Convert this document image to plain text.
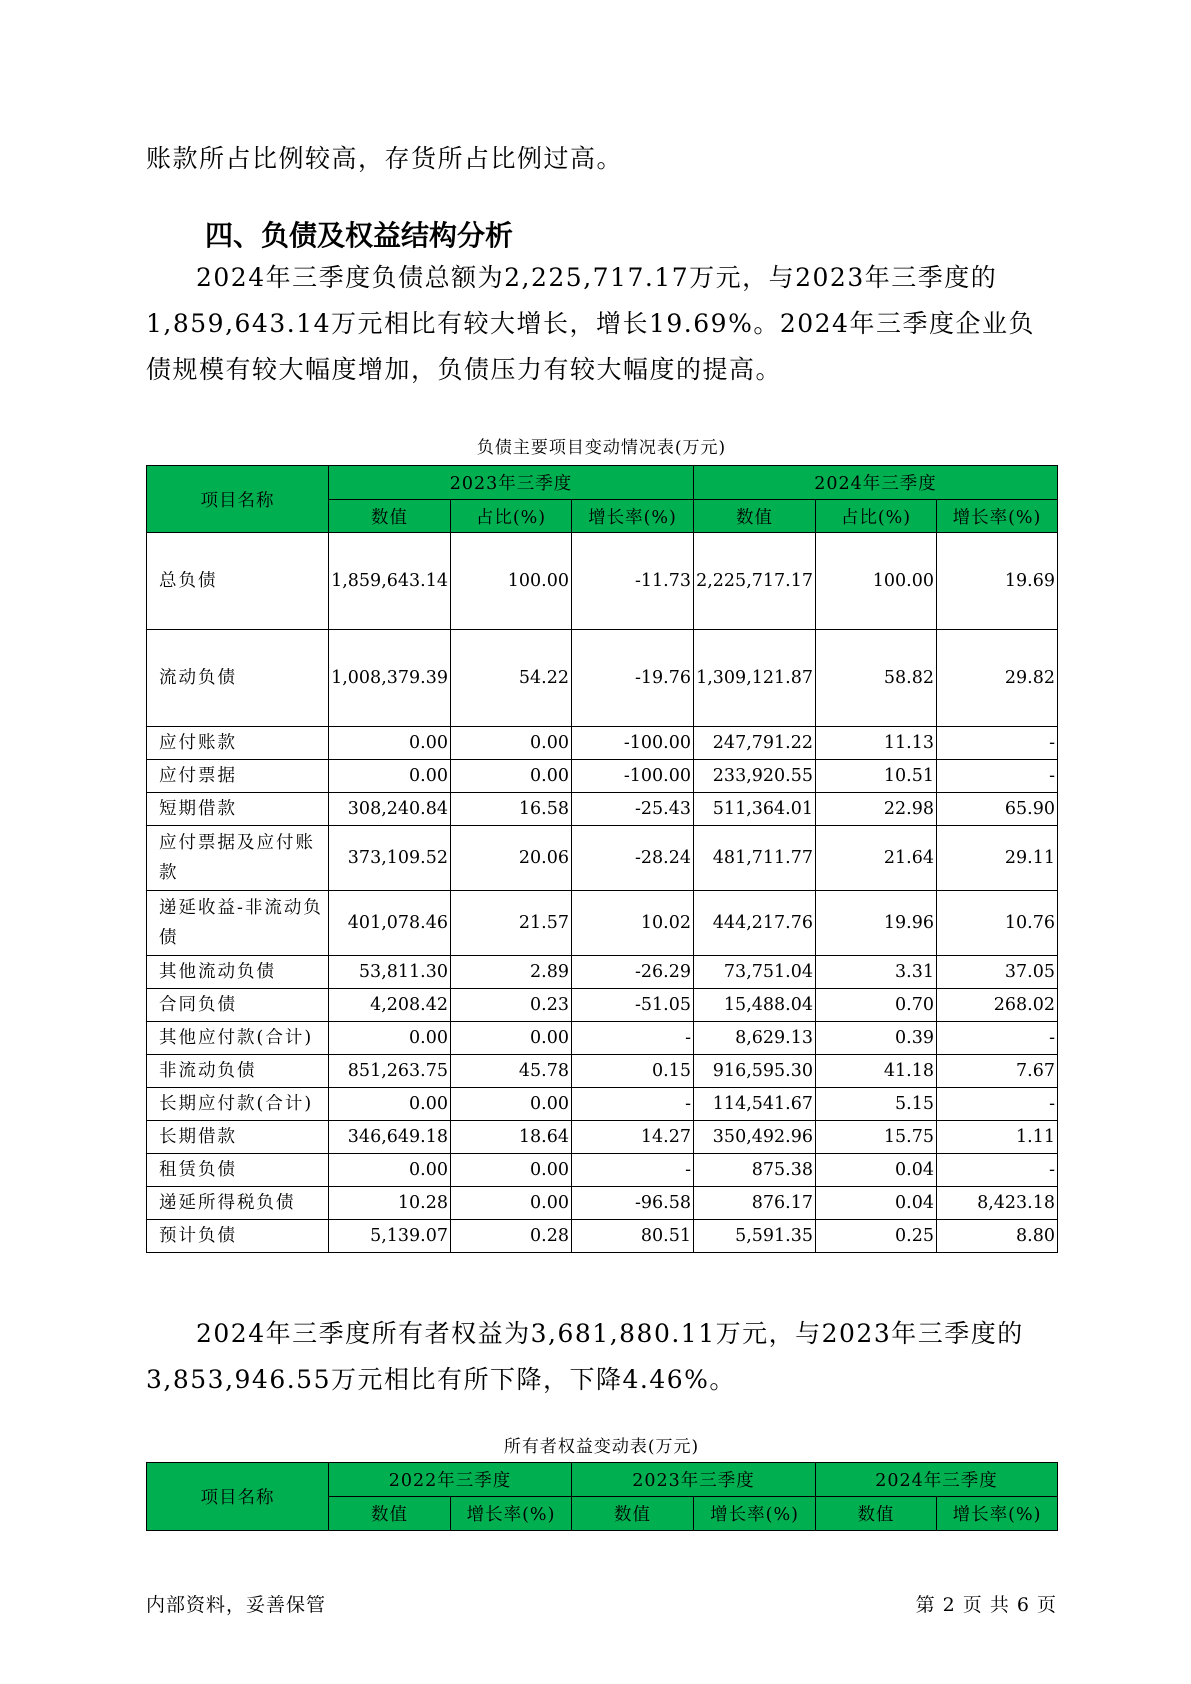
账款所占比例较高，存货所占比例过高。

四、负债及权益结构分析

2024年三季度负债总额为2,225,717.17万元，与2023年三季度的1,859,643.14万元相比有较大增长，增长19.69%。2024年三季度企业负债规模有较大幅度增加，负债压力有较大幅度的提高。

负债主要项目变动情况表(万元)
项目名称	2023年三季度			2024年三季度		
	数值	占比(%)	增长率(%)	数值	占比(%)	增长率(%)
总负债	1,859,643.14	100.00	-11.73	2,225,717.17	100.00	19.69
流动负债	1,008,379.39	54.22	-19.76	1,309,121.87	58.82	29.82
应付账款	0.00	0.00	-100.00	247,791.22	11.13	-
应付票据	0.00	0.00	-100.00	233,920.55	10.51	-
短期借款	308,240.84	16.58	-25.43	511,364.01	22.98	65.90
应付票据及应付账款	373,109.52	20.06	-28.24	481,711.77	21.64	29.11
递延收益-非流动负债	401,078.46	21.57	10.02	444,217.76	19.96	10.76
其他流动负债	53,811.30	2.89	-26.29	73,751.04	3.31	37.05
合同负债	4,208.42	0.23	-51.05	15,488.04	0.70	268.02
其他应付款(合计)	0.00	0.00	-	8,629.13	0.39	-
非流动负债	851,263.75	45.78	0.15	916,595.30	41.18	7.67
长期应付款(合计)	0.00	0.00	-	114,541.67	5.15	-
长期借款	346,649.18	18.64	14.27	350,492.96	15.75	1.11
租赁负债	0.00	0.00	-	875.38	0.04	-
递延所得税负债	10.28	0.00	-96.58	876.17	0.04	8,423.18
预计负债	5,139.07	0.28	80.51	5,591.35	0.25	8.80

2024年三季度所有者权益为3,681,880.11万元，与2023年三季度的3,853,946.55万元相比有所下降，下降4.46%。

所有者权益变动表(万元)
项目名称	2022年三季度		2023年三季度		2024年三季度	
	数值	增长率(%)	数值	增长率(%)	数值	增长率(%)
内部资料，妥善保管	第 2 页 共 6 页
